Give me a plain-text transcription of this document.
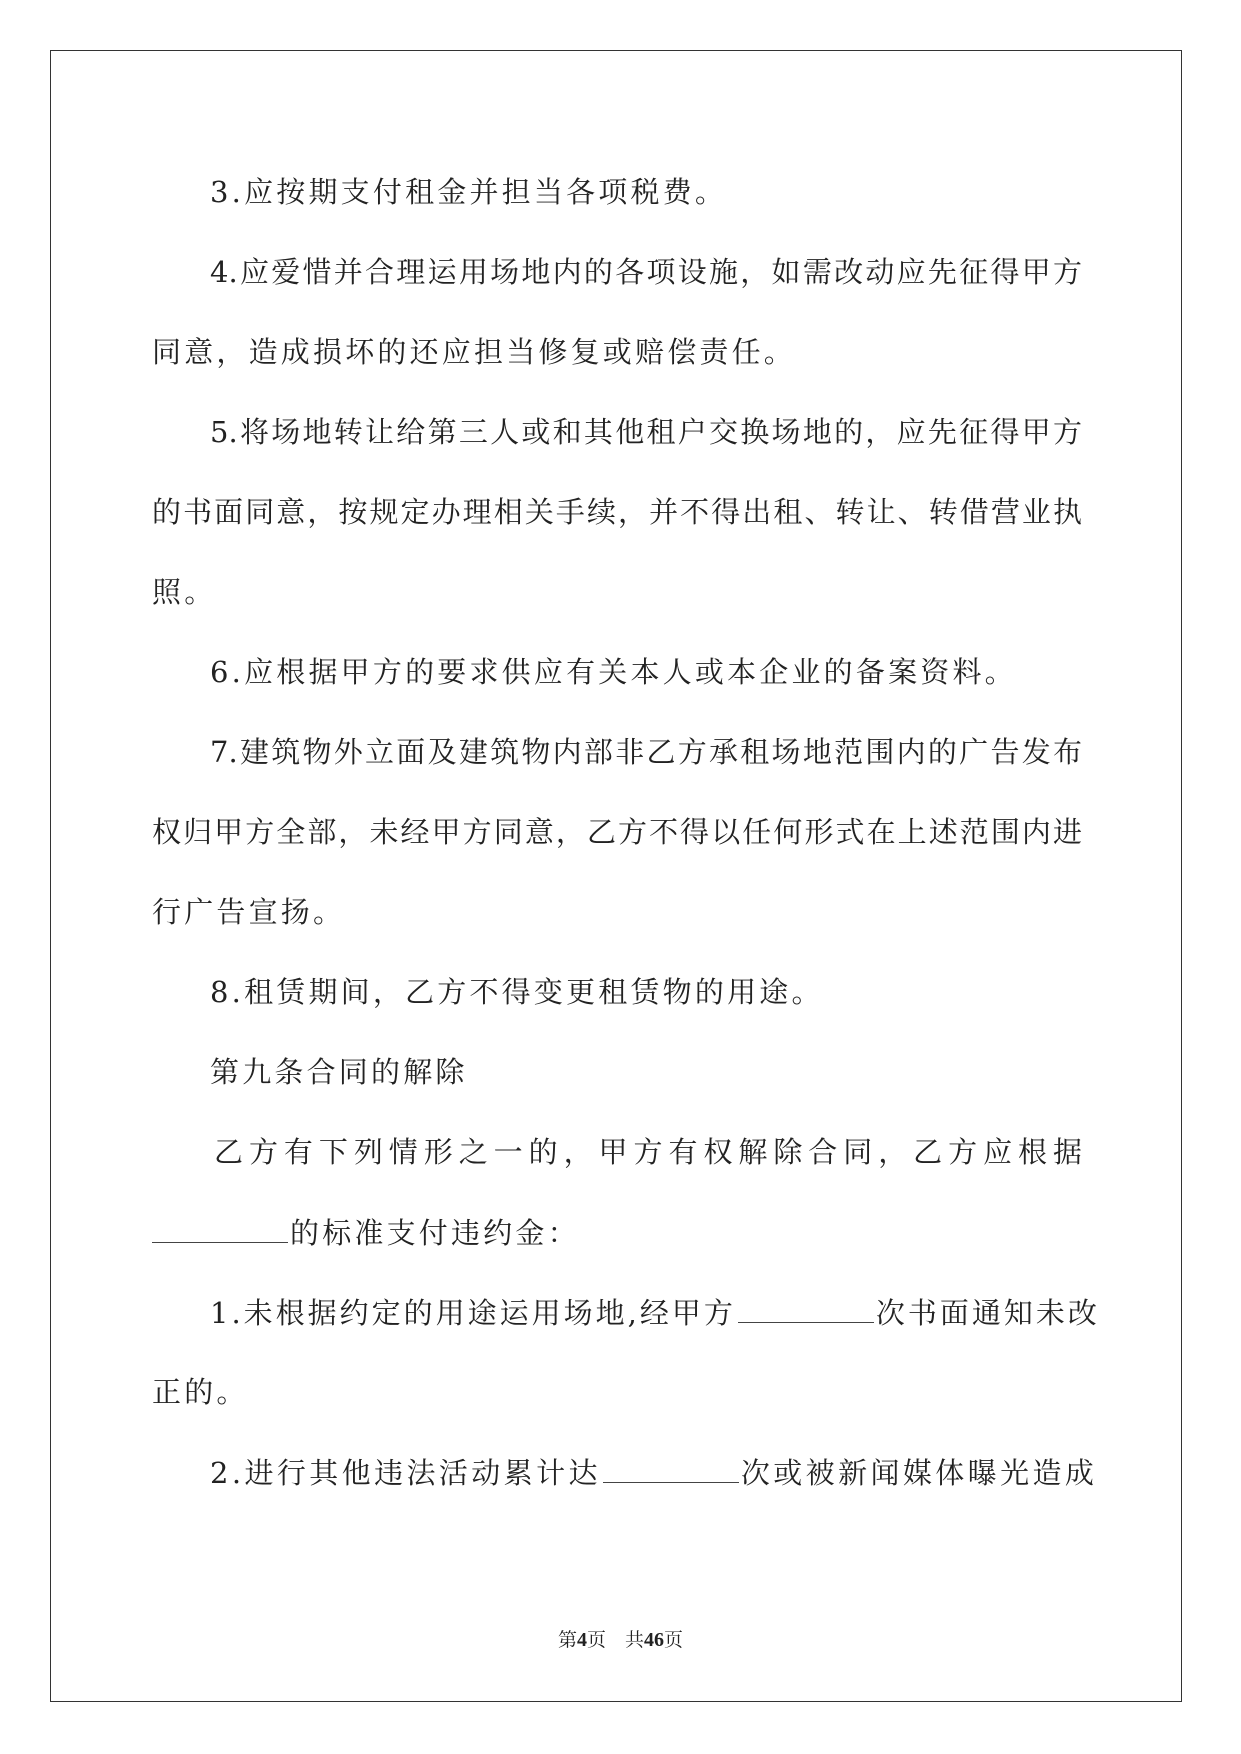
3.应按期支付租金并担当各项税费。

4.应爱惜并合理运用场地内的各项设施，如需改动应先征得甲方

同意，造成损坏的还应担当修复或赔偿责任。

5.将场地转让给第三人或和其他租户交换场地的，应先征得甲方

的书面同意，按规定办理相关手续，并不得出租、转让、转借营业执

照。

6.应根据甲方的要求供应有关本人或本企业的备案资料。

7.建筑物外立面及建筑物内部非乙方承租场地范围内的广告发布

权归甲方全部，未经甲方同意，乙方不得以任何形式在上述范围内进

行广告宣扬。

8.租赁期间，乙方不得变更租赁物的用途。

第九条合同的解除

乙方有下列情形之一的，甲方有权解除合同，乙方应根据

的标准支付违约金：

1.未根据约定的用途运用场地,经甲方	次书面通知未改

正的。

2.进行其他违法活动累计达	次或被新闻媒体曝光造成

第4页　共46页
